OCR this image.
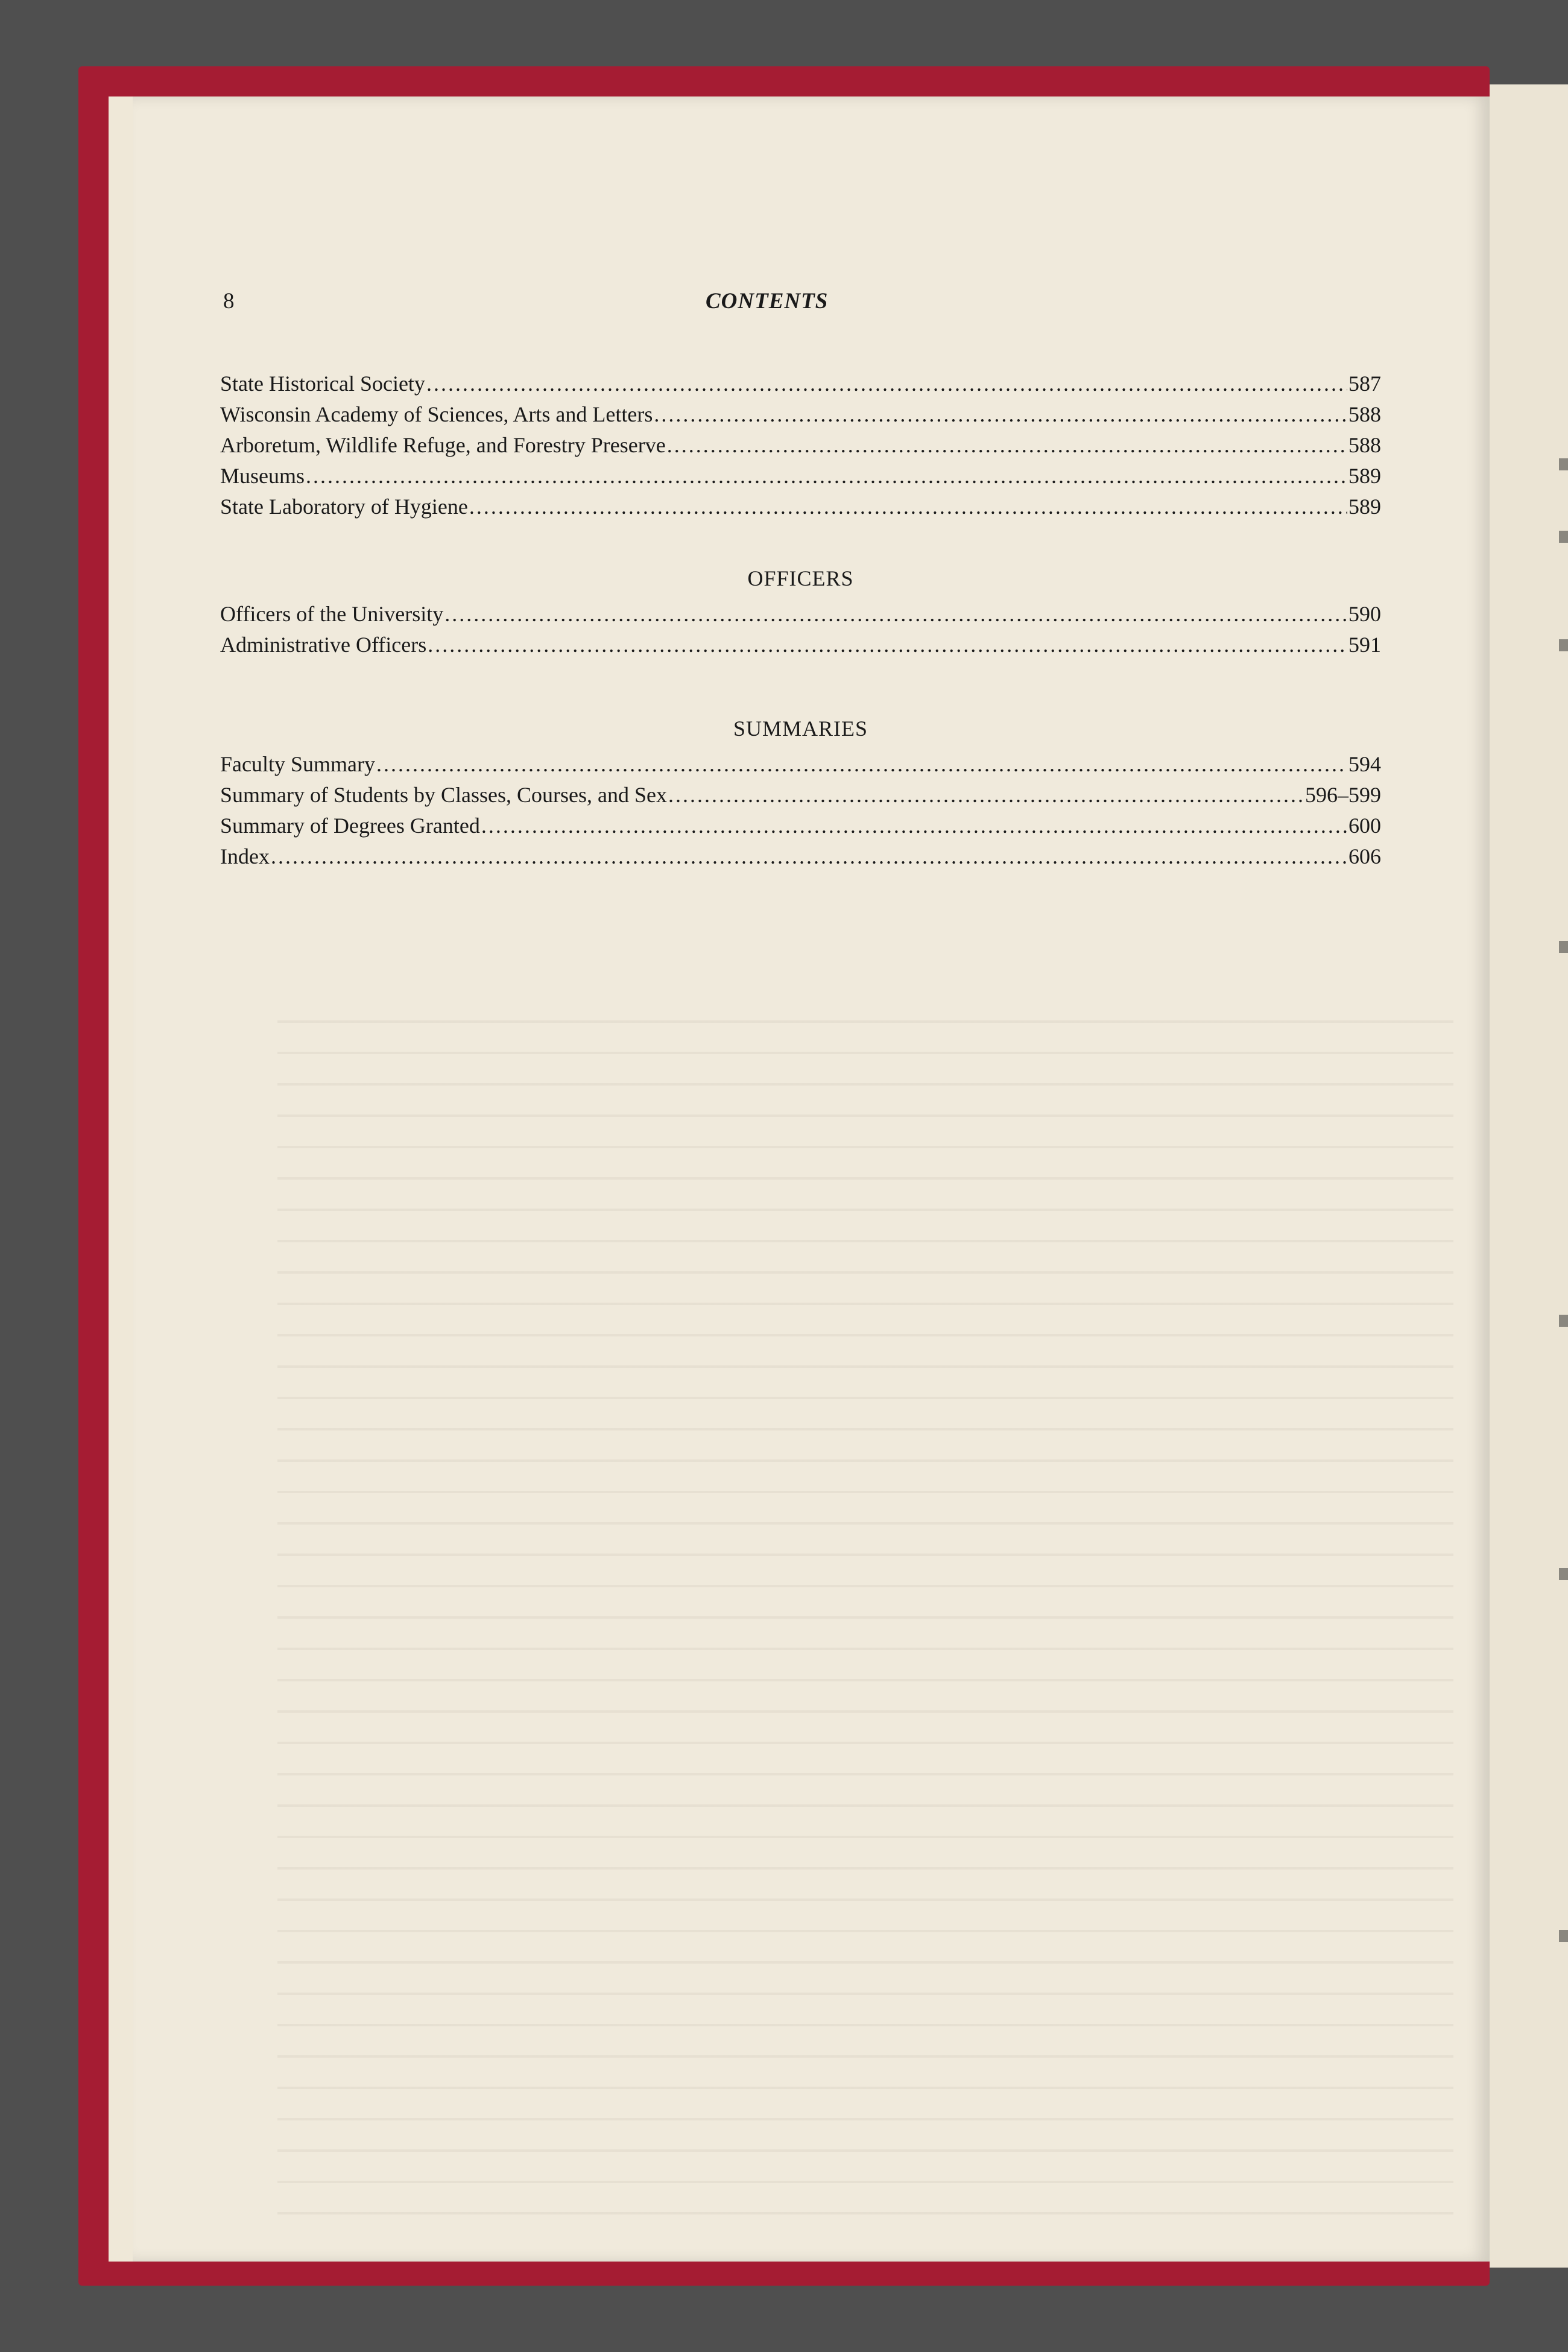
8	CONTENTS
State Historical Society .....	587
Wisconsin Academy of Sciences, Arts and Letters .....	588
Arboretum, Wildlife Refuge, and Forestry Preserve .....	588
Museums .....	589
State Laboratory of Hygiene .....	589
OFFICERS
Officers of the University .....	590
Administrative Officers .....	591
SUMMARIES
Faculty Summary .....	594
Summary of Students by Classes, Courses, and Sex .....	596–599
Summary of Degrees Granted .....	600
Index .....	606
